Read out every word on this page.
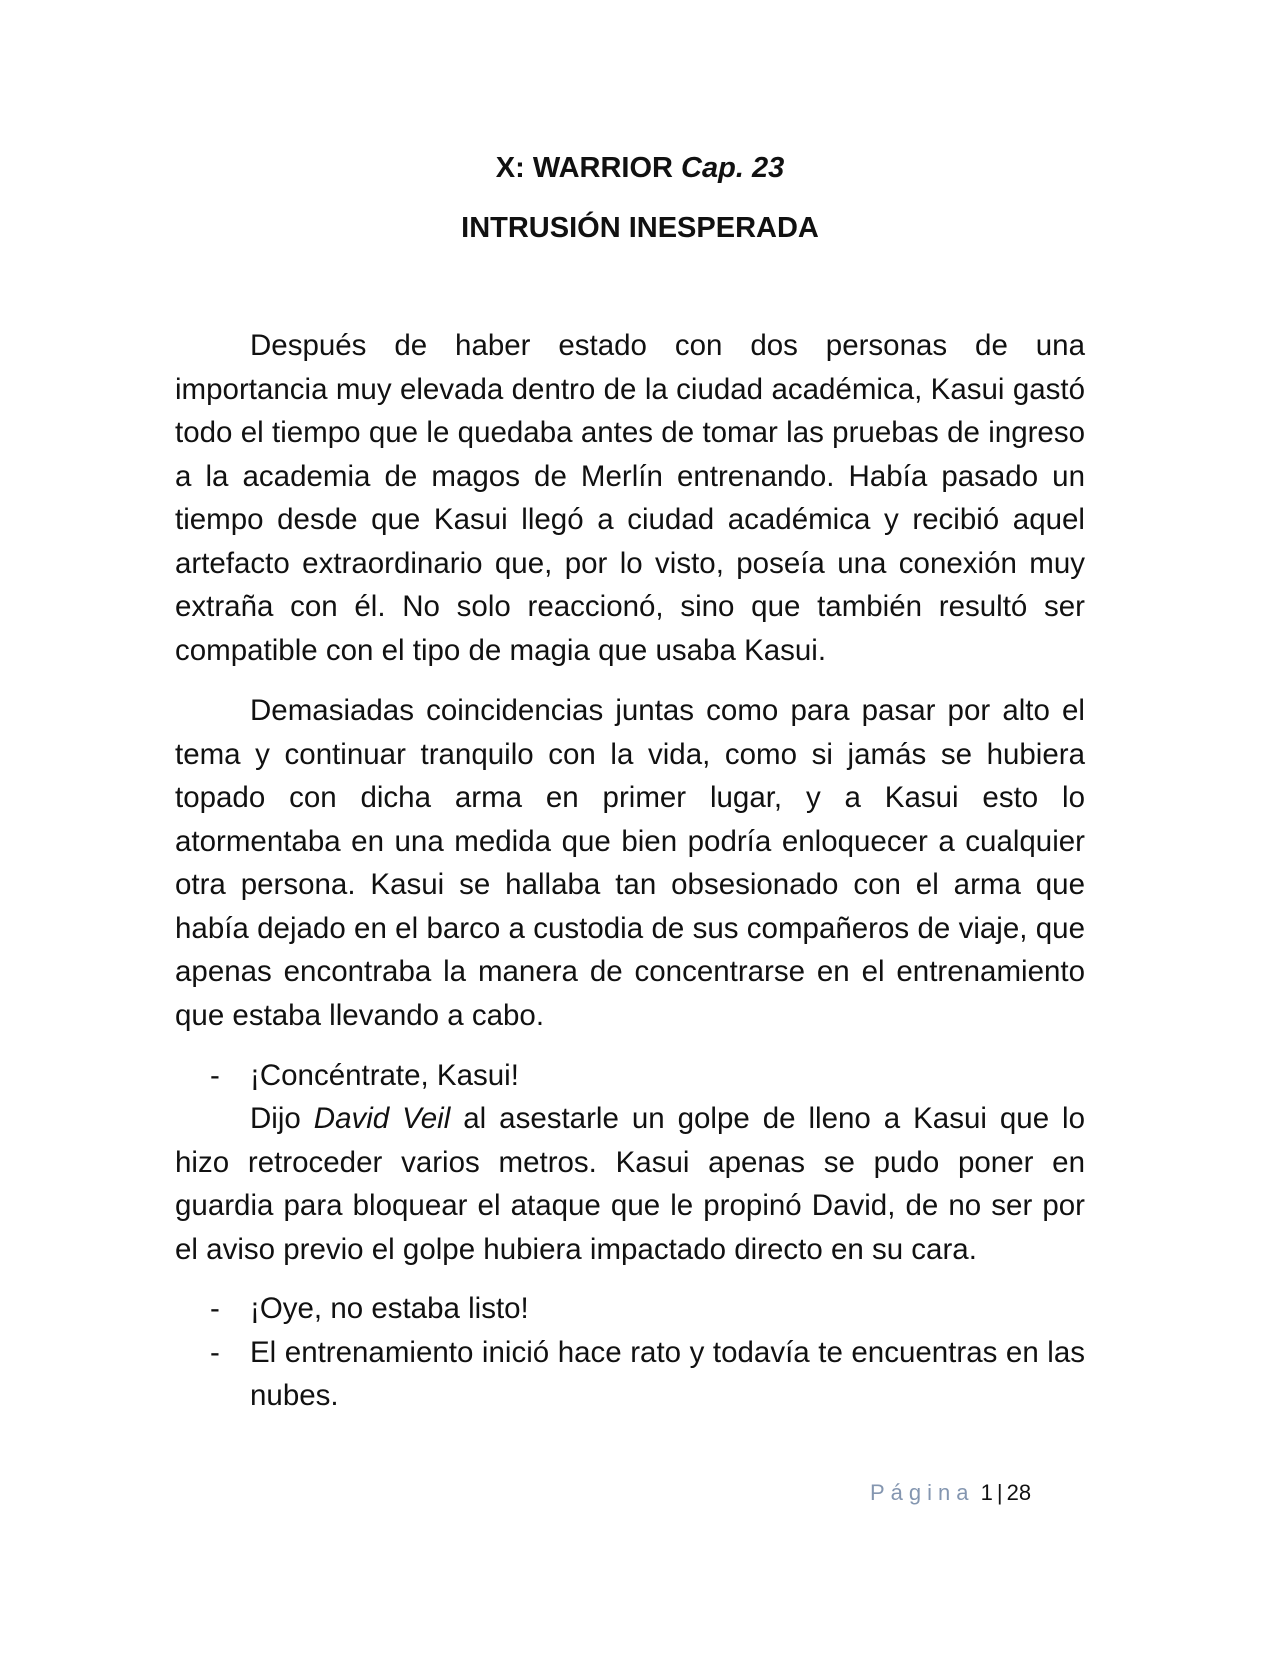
X: WARRIOR Cap. 23
INTRUSIÓN INESPERADA

Después de haber estado con dos personas de una importancia muy elevada dentro de la ciudad académica, Kasui gastó todo el tiempo que le quedaba antes de tomar las pruebas de ingreso a la academia de magos de Merlín entrenando. Había pasado un tiempo desde que Kasui llegó a ciudad académica y recibió aquel artefacto extraordinario que, por lo visto, poseía una conexión muy extraña con él. No solo reaccionó, sino que también resultó ser compatible con el tipo de magia que usaba Kasui.

Demasiadas coincidencias juntas como para pasar por alto el tema y continuar tranquilo con la vida, como si jamás se hubiera topado con dicha arma en primer lugar, y a Kasui esto lo atormentaba en una medida que bien podría enloquecer a cualquier otra persona. Kasui se hallaba tan obsesionado con el arma que había dejado en el barco a custodia de sus compañeros de viaje, que apenas encontraba la manera de concentrarse en el entrenamiento que estaba llevando a cabo.

-	¡Concéntrate, Kasui!

Dijo David Veil al asestarle un golpe de lleno a Kasui que lo hizo retroceder varios metros. Kasui apenas se pudo poner en guardia para bloquear el ataque que le propinó David, de no ser por el aviso previo el golpe hubiera impactado directo en su cara.

-	¡Oye, no estaba listo!
-	El entrenamiento inició hace rato y todavía te encuentras en las nubes.
Página 1 | 28
